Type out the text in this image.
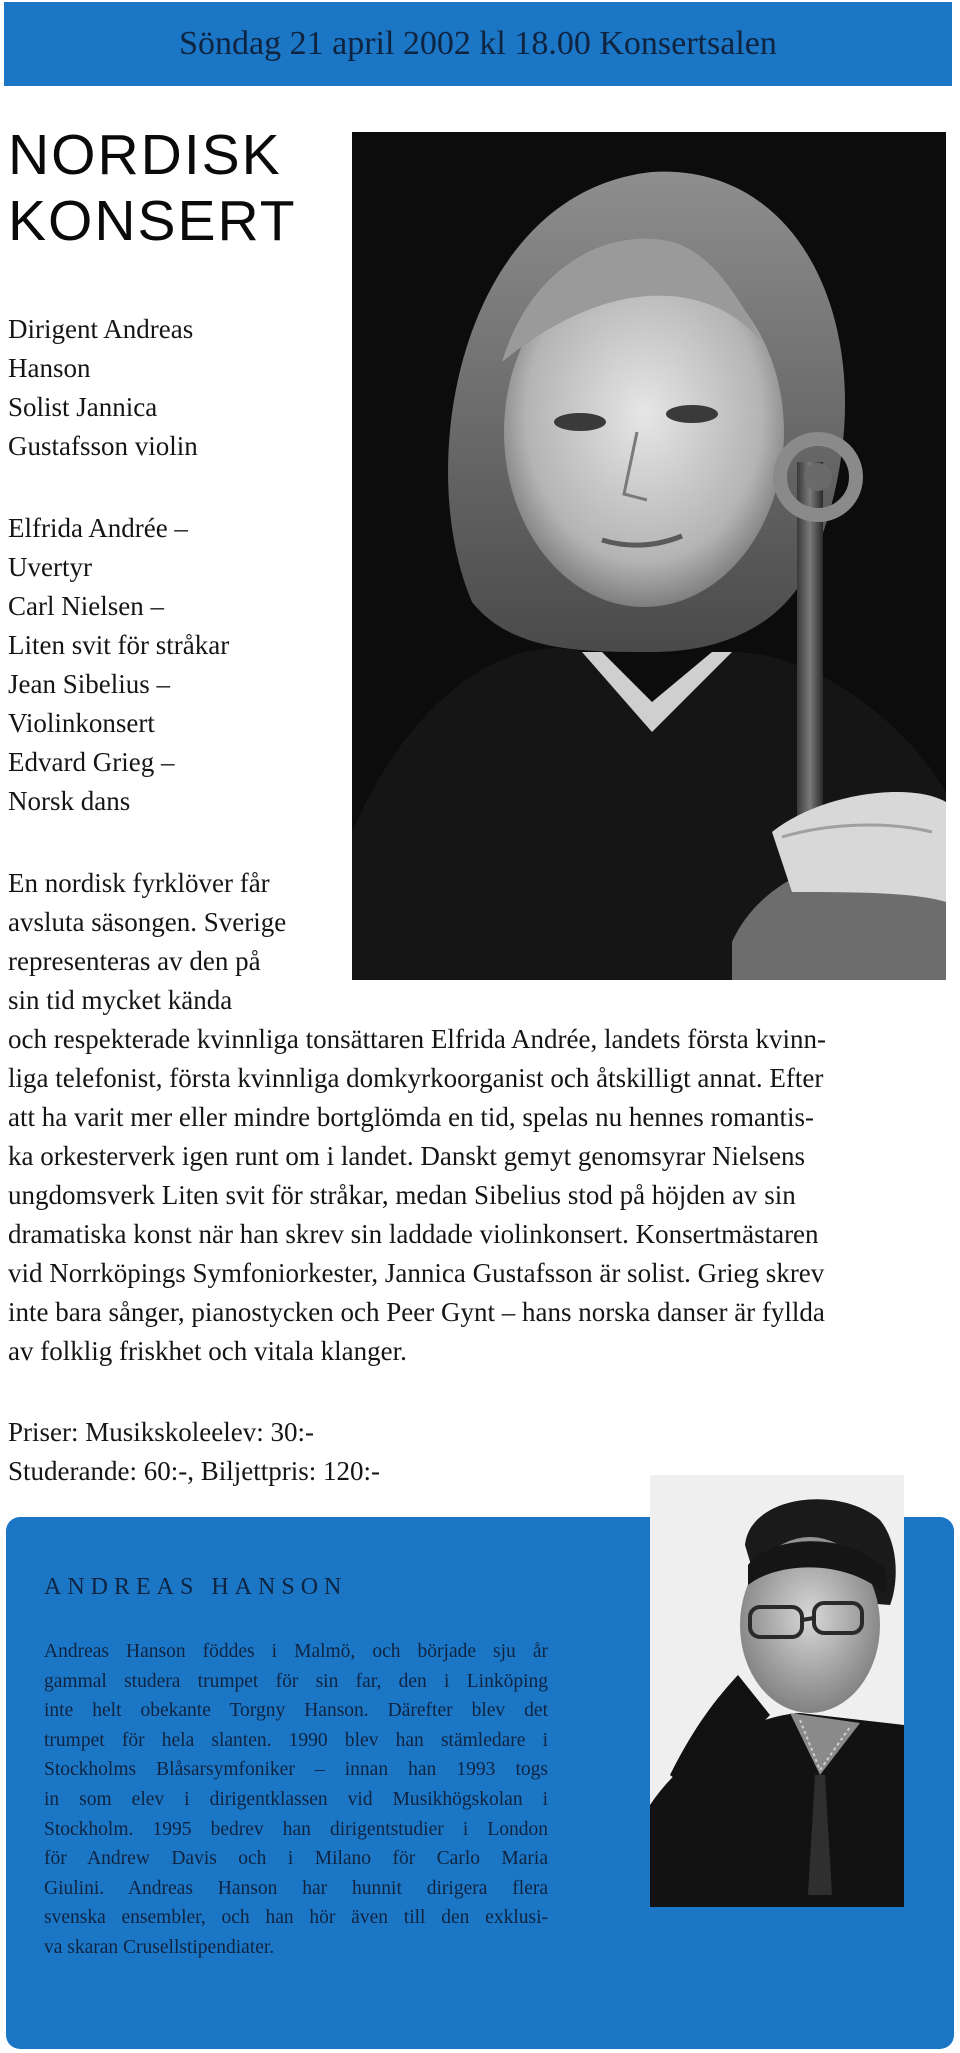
Söndag 21 april 2002 kl 18.00 Konsertsalen
NORDISK
KONSERT

Dirigent Andreas
Hanson
Solist Jannica
Gustafsson violin

Elfrida Andrée –
Uvertyr
Carl Nielsen –
Liten svit för stråkar
Jean Sibelius –
Violinkonsert
Edvard Grieg –
Norsk dans

En nordisk fyrklöver får
avsluta säsongen. Sverige
representeras av den på
sin tid mycket kända

och respekterade kvinnliga tonsättaren Elfrida Andrée, landets första kvinn-
liga telefonist, första kvinnliga domkyrkoorganist och åtskilligt annat. Efter
att ha varit mer eller mindre bortglömda en tid, spelas nu hennes romantis-
ka orkesterverk igen runt om i landet. Danskt gemyt genomsyrar Nielsens
ungdomsverk Liten svit för stråkar, medan Sibelius stod på höjden av sin
dramatiska konst när han skrev sin laddade violinkonsert. Konsertmästaren
vid Norrköpings Symfoniorkester, Jannica Gustafsson är solist. Grieg skrev
inte bara sånger, pianostycken och Peer Gynt – hans norska danser är fyllda
av folklig friskhet och vitala klanger.

Priser: Musikskoleelev: 30:-
Studerande: 60:-, Biljettpris: 120:-

ANDREAS HANSON

Andreas Hanson föddes i Malmö, och började sju år
gammal studera trumpet för sin far, den i Linköping
inte helt obekante Torgny Hanson. Därefter blev det
trumpet för hela slanten. 1990 blev han stämledare i
Stockholms Blåsarsymfoniker – innan han 1993 togs
in som elev i dirigentklassen vid Musikhögskolan i
Stockholm. 1995 bedrev han dirigentstudier i London
för Andrew Davis och i Milano för Carlo Maria
Giulini. Andreas Hanson har hunnit dirigera flera
svenska ensembler, och han hör även till den exklusi-
va skaran Crusellstipendiater.
